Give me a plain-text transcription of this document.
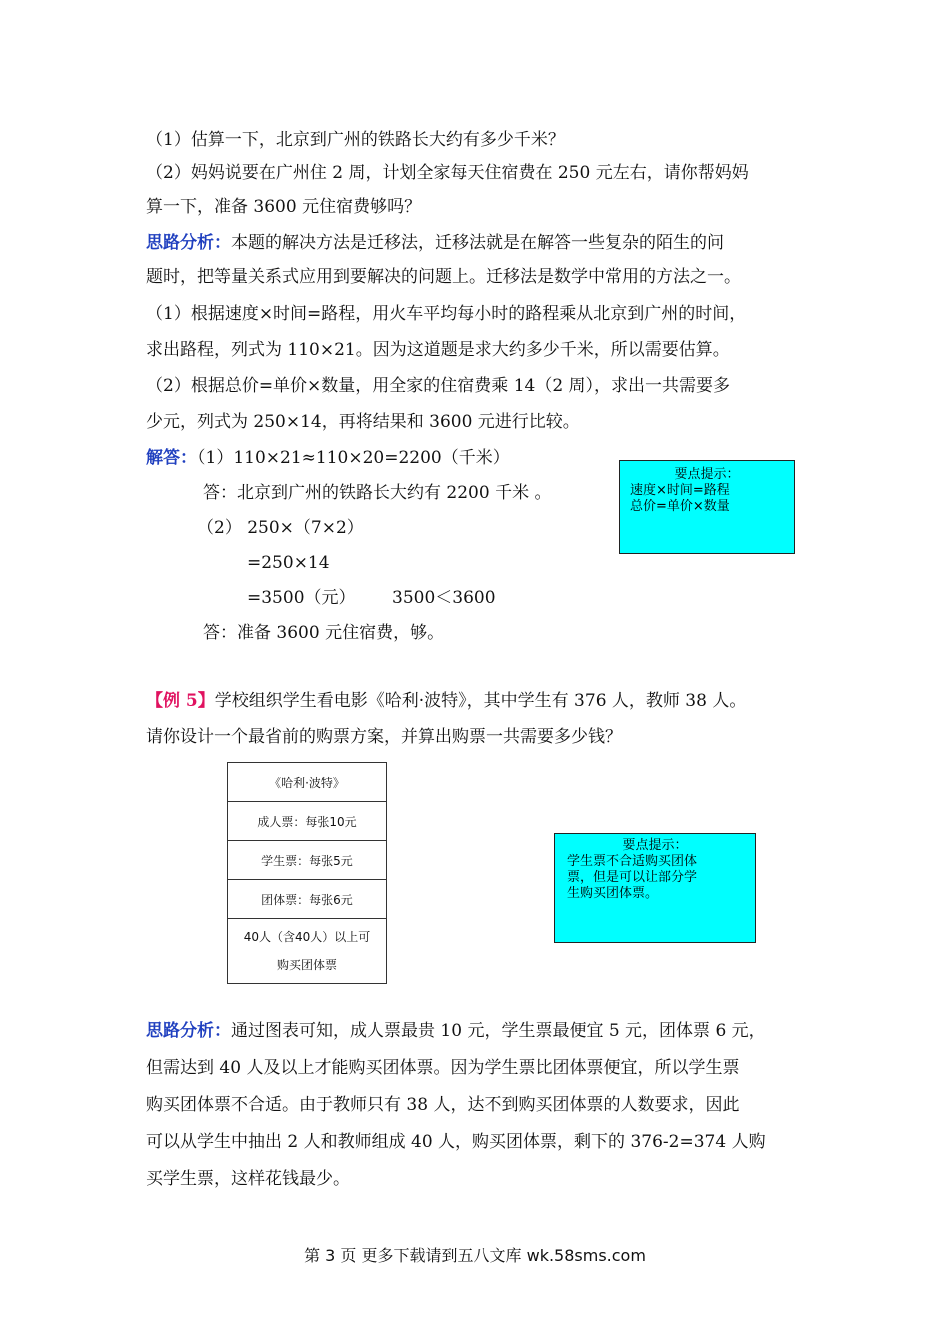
（1）估算一下，北京到广州的铁路长大约有多少千米？
（2）妈妈说要在广州住 2 周，计划全家每天住宿费在 250 元左右，请你帮妈妈
算一下，准备 3600 元住宿费够吗？
思路分析：本题的解决方法是迁移法，迁移法就是在解答一些复杂的陌生的问
题时，把等量关系式应用到要解决的问题上。迁移法是数学中常用的方法之一。
（1）根据速度×时间=路程，用火车平均每小时的路程乘从北京到广州的时间，
求出路程，列式为 110×21。因为这道题是求大约多少千米，所以需要估算。
（2）根据总价=单价×数量，用全家的住宿费乘 14（2 周），求出一共需要多
少元，列式为 250×14，再将结果和 3600 元进行比较。
解答：（1）110×21≈110×20=2200（千米）
答：北京到广州的铁路长大约有 2200 千米 。
（2） 250×（7×2）
=250×14
=3500（元） 3500＜3600
答：准备 3600 元住宿费，够。
要点提示：
速度×时间=路程
总价=单价×数量
【例 5】学校组织学生看电影《哈利·波特》，其中学生有 376 人，教师 38 人。
请你设计一个最省前的购票方案，并算出购票一共需要多少钱？
《哈利·波特》
成人票：每张10元
学生票：每张5元
团体票：每张6元
40人（含40人）以上可
购买团体票
要点提示：
学生票不合适购买团体
票，但是可以让部分学
生购买团体票。
思路分析：通过图表可知，成人票最贵 10 元，学生票最便宜 5 元，团体票 6 元，
但需达到 40 人及以上才能购买团体票。因为学生票比团体票便宜，所以学生票
购买团体票不合适。由于教师只有 38 人，达不到购买团体票的人数要求，因此
可以从学生中抽出 2 人和教师组成 40 人，购买团体票，剩下的 376-2=374 人购
买学生票，这样花钱最少。
第 3 页 更多下载请到五八文库 wk.58sms.com
